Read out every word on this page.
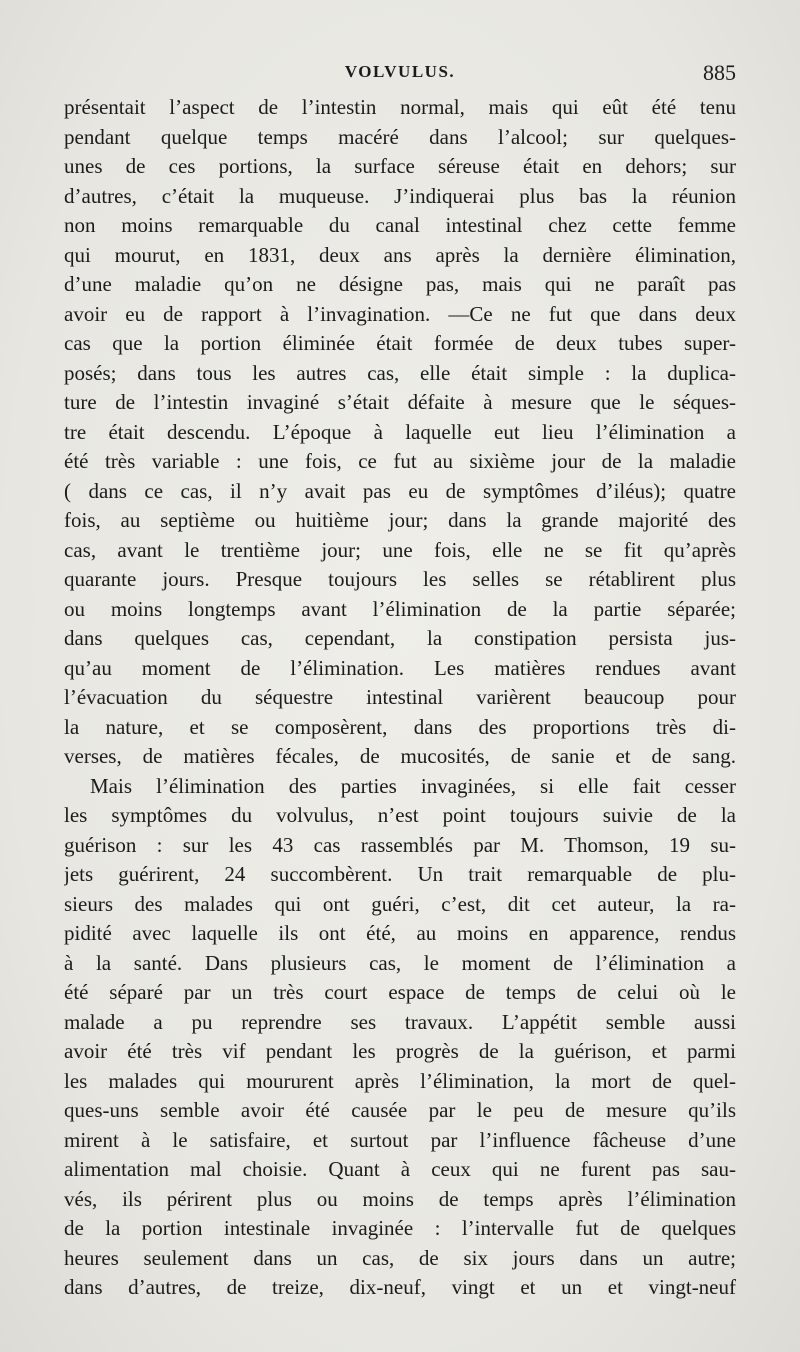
VOLVULUS.	885
présentait l’aspect de l’intestin normal, mais qui eût été tenu
pendant quelque temps macéré dans l’alcool; sur quelques-
unes de ces portions, la surface séreuse était en dehors; sur
d’autres, c’était la muqueuse. J’indiquerai plus bas la réunion
non moins remarquable du canal intestinal chez cette femme
qui mourut, en 1831, deux ans après la dernière élimination,
d’une maladie qu’on ne désigne pas, mais qui ne paraît pas
avoir eu de rapport à l’invagination. —Ce ne fut que dans deux
cas que la portion éliminée était formée de deux tubes super-
posés; dans tous les autres cas, elle était simple : la duplica-
ture de l’intestin invaginé s’était défaite à mesure que le séques-
tre était descendu. L’époque à laquelle eut lieu l’élimination a
été très variable : une fois, ce fut au sixième jour de la maladie
( dans ce cas, il n’y avait pas eu de symptômes d’iléus); quatre
fois, au septième ou huitième jour; dans la grande majorité des
cas, avant le trentième jour; une fois, elle ne se fit qu’après
quarante jours. Presque toujours les selles se rétablirent plus
ou moins longtemps avant l’élimination de la partie séparée;
dans quelques cas, cependant, la constipation persista jus-
qu’au moment de l’élimination. Les matières rendues avant
l’évacuation du séquestre intestinal varièrent beaucoup pour
la nature, et se composèrent, dans des proportions très di-
verses, de matières fécales, de mucosités, de sanie et de sang.
Mais l’élimination des parties invaginées, si elle fait cesser
les symptômes du volvulus, n’est point toujours suivie de la
guérison : sur les 43 cas rassemblés par M. Thomson, 19 su-
jets guérirent, 24 succombèrent. Un trait remarquable de plu-
sieurs des malades qui ont guéri, c’est, dit cet auteur, la ra-
pidité avec laquelle ils ont été, au moins en apparence, rendus
à la santé. Dans plusieurs cas, le moment de l’élimination a
été séparé par un très court espace de temps de celui où le
malade a pu reprendre ses travaux. L’appétit semble aussi
avoir été très vif pendant les progrès de la guérison, et parmi
les malades qui moururent après l’élimination, la mort de quel-
ques-uns semble avoir été causée par le peu de mesure qu’ils
mirent à le satisfaire, et surtout par l’influence fâcheuse d’une
alimentation mal choisie. Quant à ceux qui ne furent pas sau-
vés, ils périrent plus ou moins de temps après l’élimination
de la portion intestinale invaginée : l’intervalle fut de quelques
heures seulement dans un cas, de six jours dans un autre;
dans d’autres, de treize, dix-neuf, vingt et un et vingt-neuf
